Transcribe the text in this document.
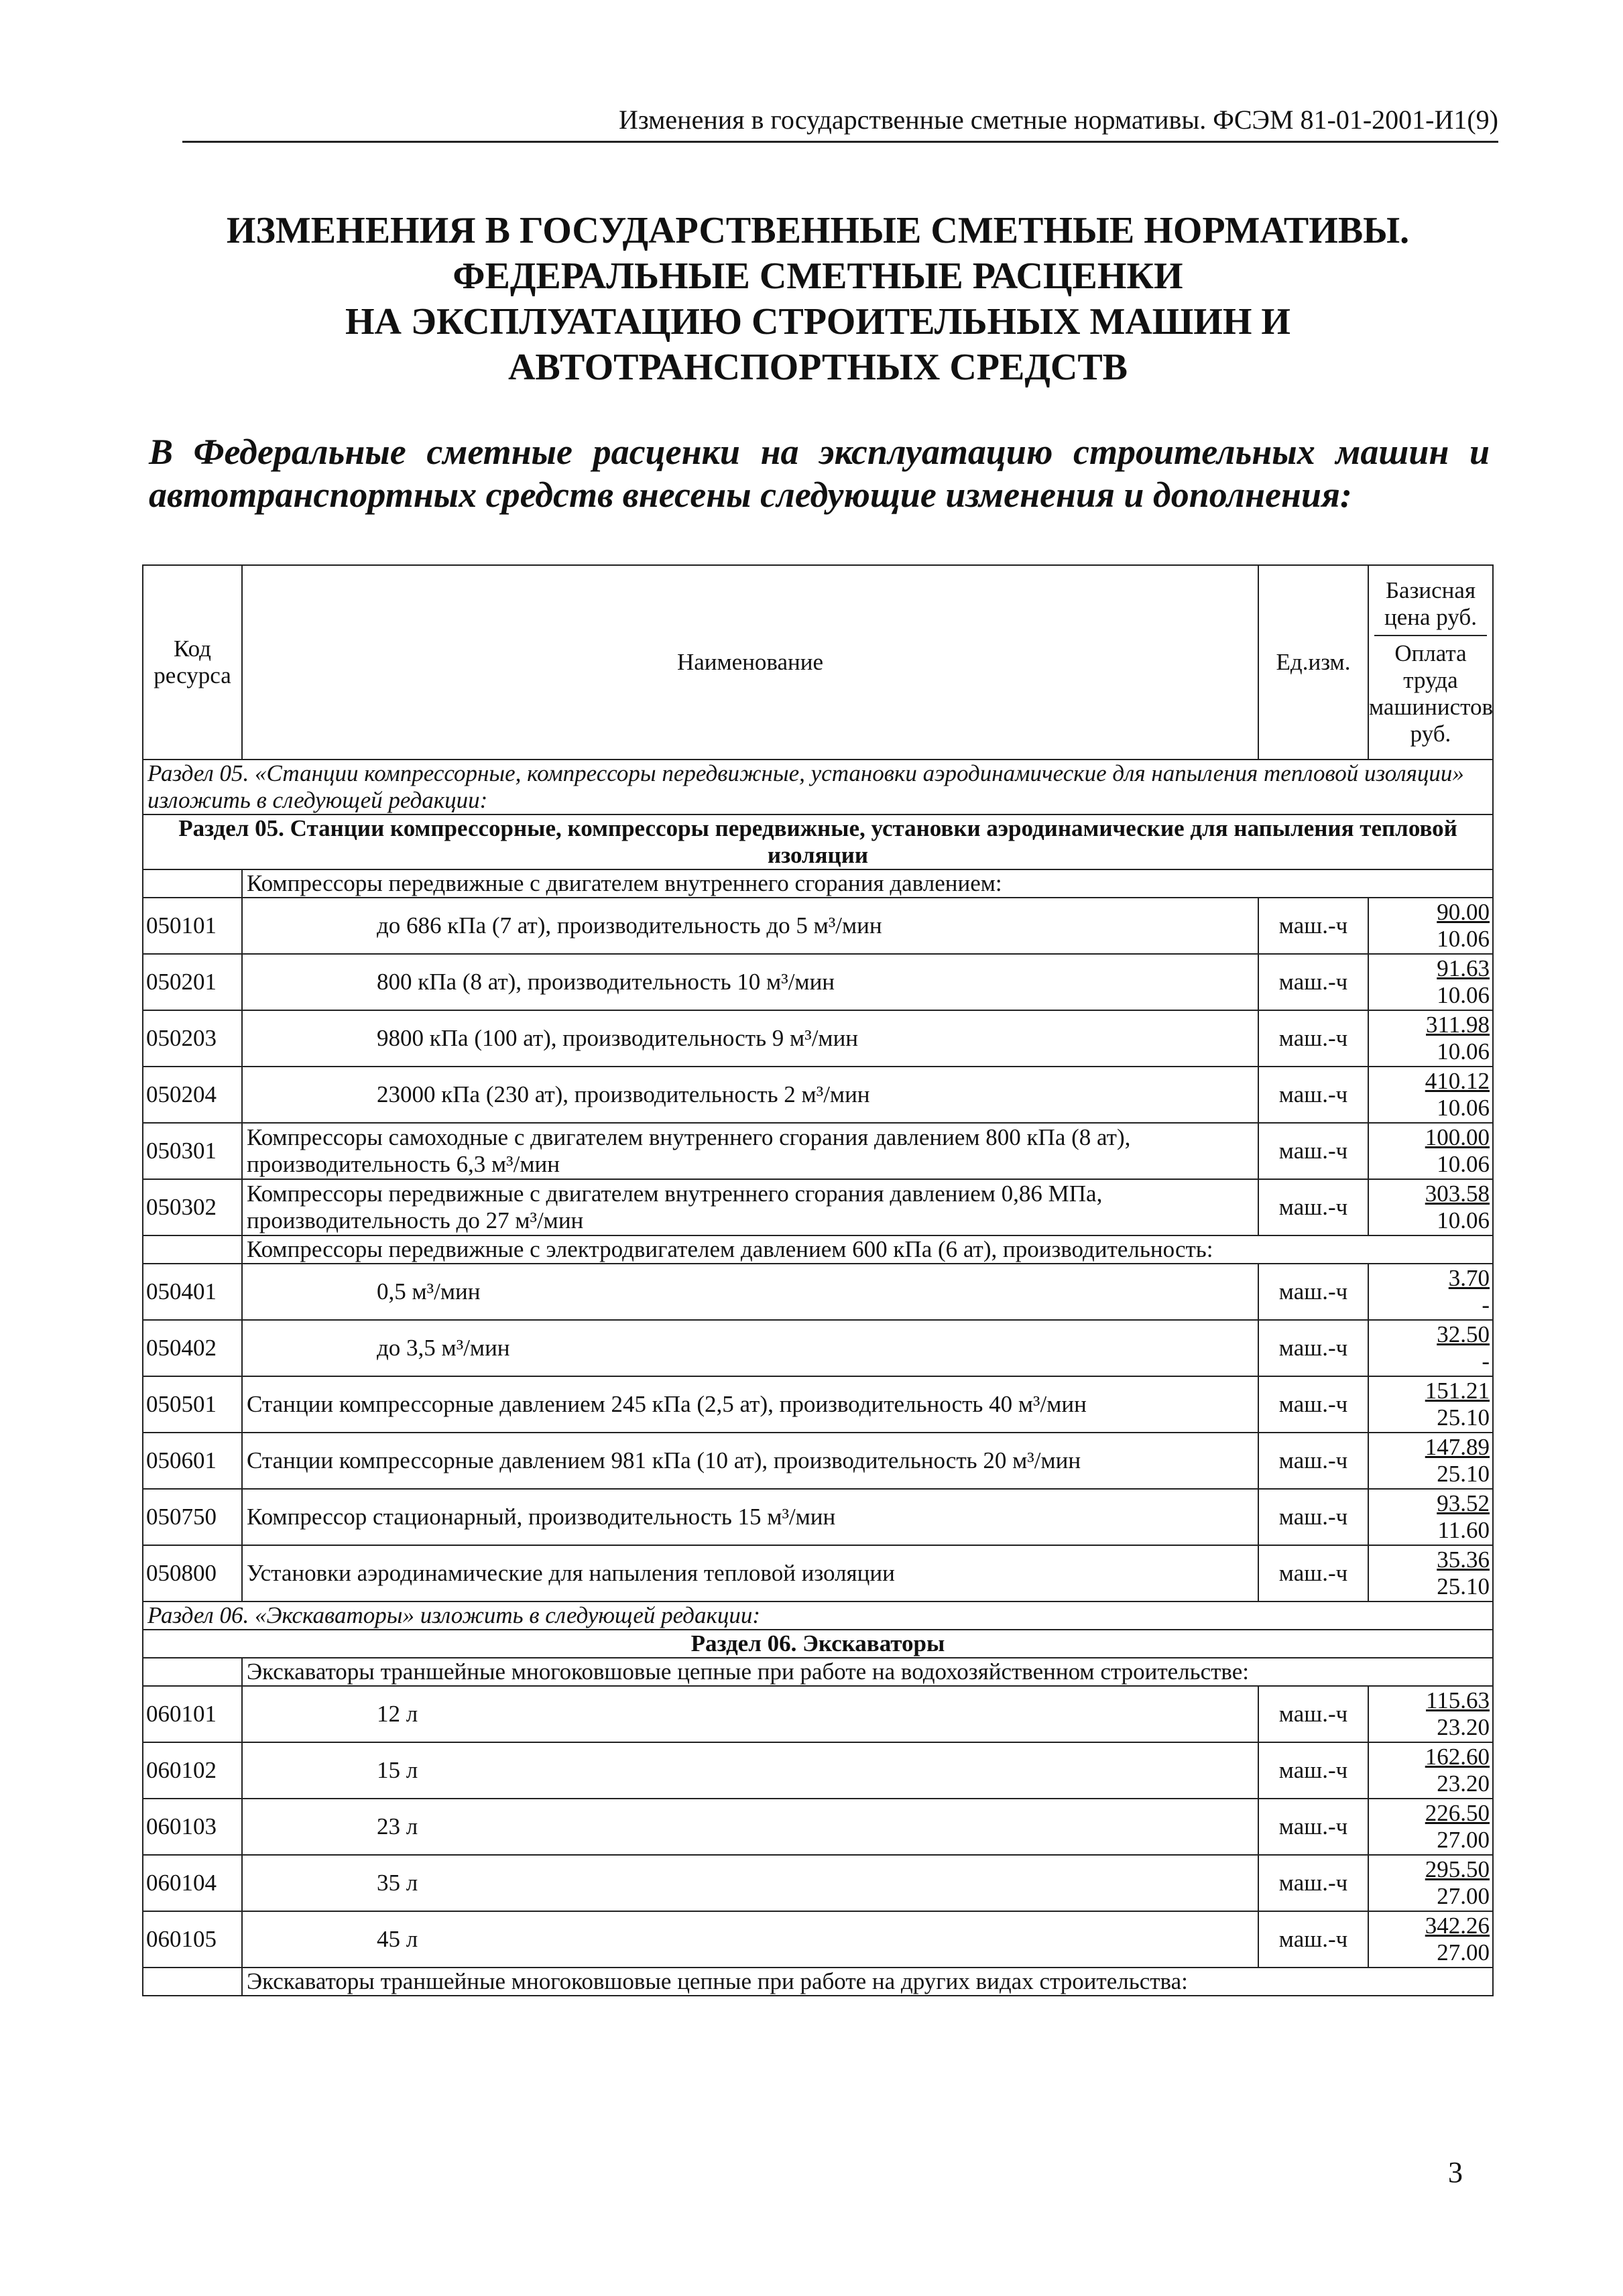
Изменения в государственные сметные нормативы. ФСЭМ 81-01-2001-И1(9)
ИЗМЕНЕНИЯ В ГОСУДАРСТВЕННЫЕ СМЕТНЫЕ НОРМАТИВЫ.
ФЕДЕРАЛЬНЫЕ СМЕТНЫЕ РАСЦЕНКИ
НА ЭКСПЛУАТАЦИЮ СТРОИТЕЛЬНЫХ МАШИН И
АВТОТРАНСПОРТНЫХ СРЕДСТВ
В Федеральные сметные расценки на эксплуатацию строительных машин и автотранспортных средств внесены следующие изменения и дополнения:
Код ресурса	Наименование	Ед.изм.	Базисная цена руб.
Оплата труда машинистов руб.

Раздел 05. «Станции компрессорные, компрессоры передвижные, установки аэродинамические для напыления тепловой изоляции» изложить в следующей редакции:			
Раздел 05. Станции компрессорные, компрессоры передвижные, установки аэродинамические для напыления тепловой изоляции			
	Компрессоры передвижные с двигателем внутреннего сгорания давлением:		
050101	до 686 кПа (7 ат), производительность до 5 м³/мин	маш.-ч	90.00
10.06

050201	800 кПа (8 ат), производительность 10 м³/мин	маш.-ч	91.63
10.06

050203	9800 кПа (100 ат), производительность 9 м³/мин	маш.-ч	311.98
10.06

050204	23000 кПа (230 ат), производительность 2 м³/мин	маш.-ч	410.12
10.06

050301	Компрессоры самоходные с двигателем внутреннего сгорания давлением 800 кПа (8 ат), производительность 6,3 м³/мин	маш.-ч	100.00
10.06

050302	Компрессоры передвижные с двигателем внутреннего сгорания давлением 0,86 МПа, производительность до 27 м³/мин	маш.-ч	303.58
10.06

	Компрессоры передвижные с электродвигателем давлением 600 кПа (6 ат), производительность:		
050401	0,5 м³/мин	маш.-ч	3.70
-

050402	до 3,5 м³/мин	маш.-ч	32.50
-

050501	Станции компрессорные давлением 245 кПа (2,5 ат), производительность 40 м³/мин	маш.-ч	151.21
25.10

050601	Станции компрессорные давлением 981 кПа (10 ат), производительность 20 м³/мин	маш.-ч	147.89
25.10

050750	Компрессор стационарный, производительность 15 м³/мин	маш.-ч	93.52
11.60

050800	Установки аэродинамические для напыления тепловой изоляции	маш.-ч	35.36
25.10

Раздел 06. «Экскаваторы» изложить в следующей редакции:			
Раздел 06. Экскаваторы			
	Экскаваторы траншейные многоковшовые цепные при работе на водохозяйственном строительстве:		
060101	12 л	маш.-ч	115.63
23.20

060102	15 л	маш.-ч	162.60
23.20

060103	23 л	маш.-ч	226.50
27.00

060104	35 л	маш.-ч	295.50
27.00

060105	45 л	маш.-ч	342.26
27.00

	Экскаваторы траншейные многоковшовые цепные при работе на других видах строительства:		
3
